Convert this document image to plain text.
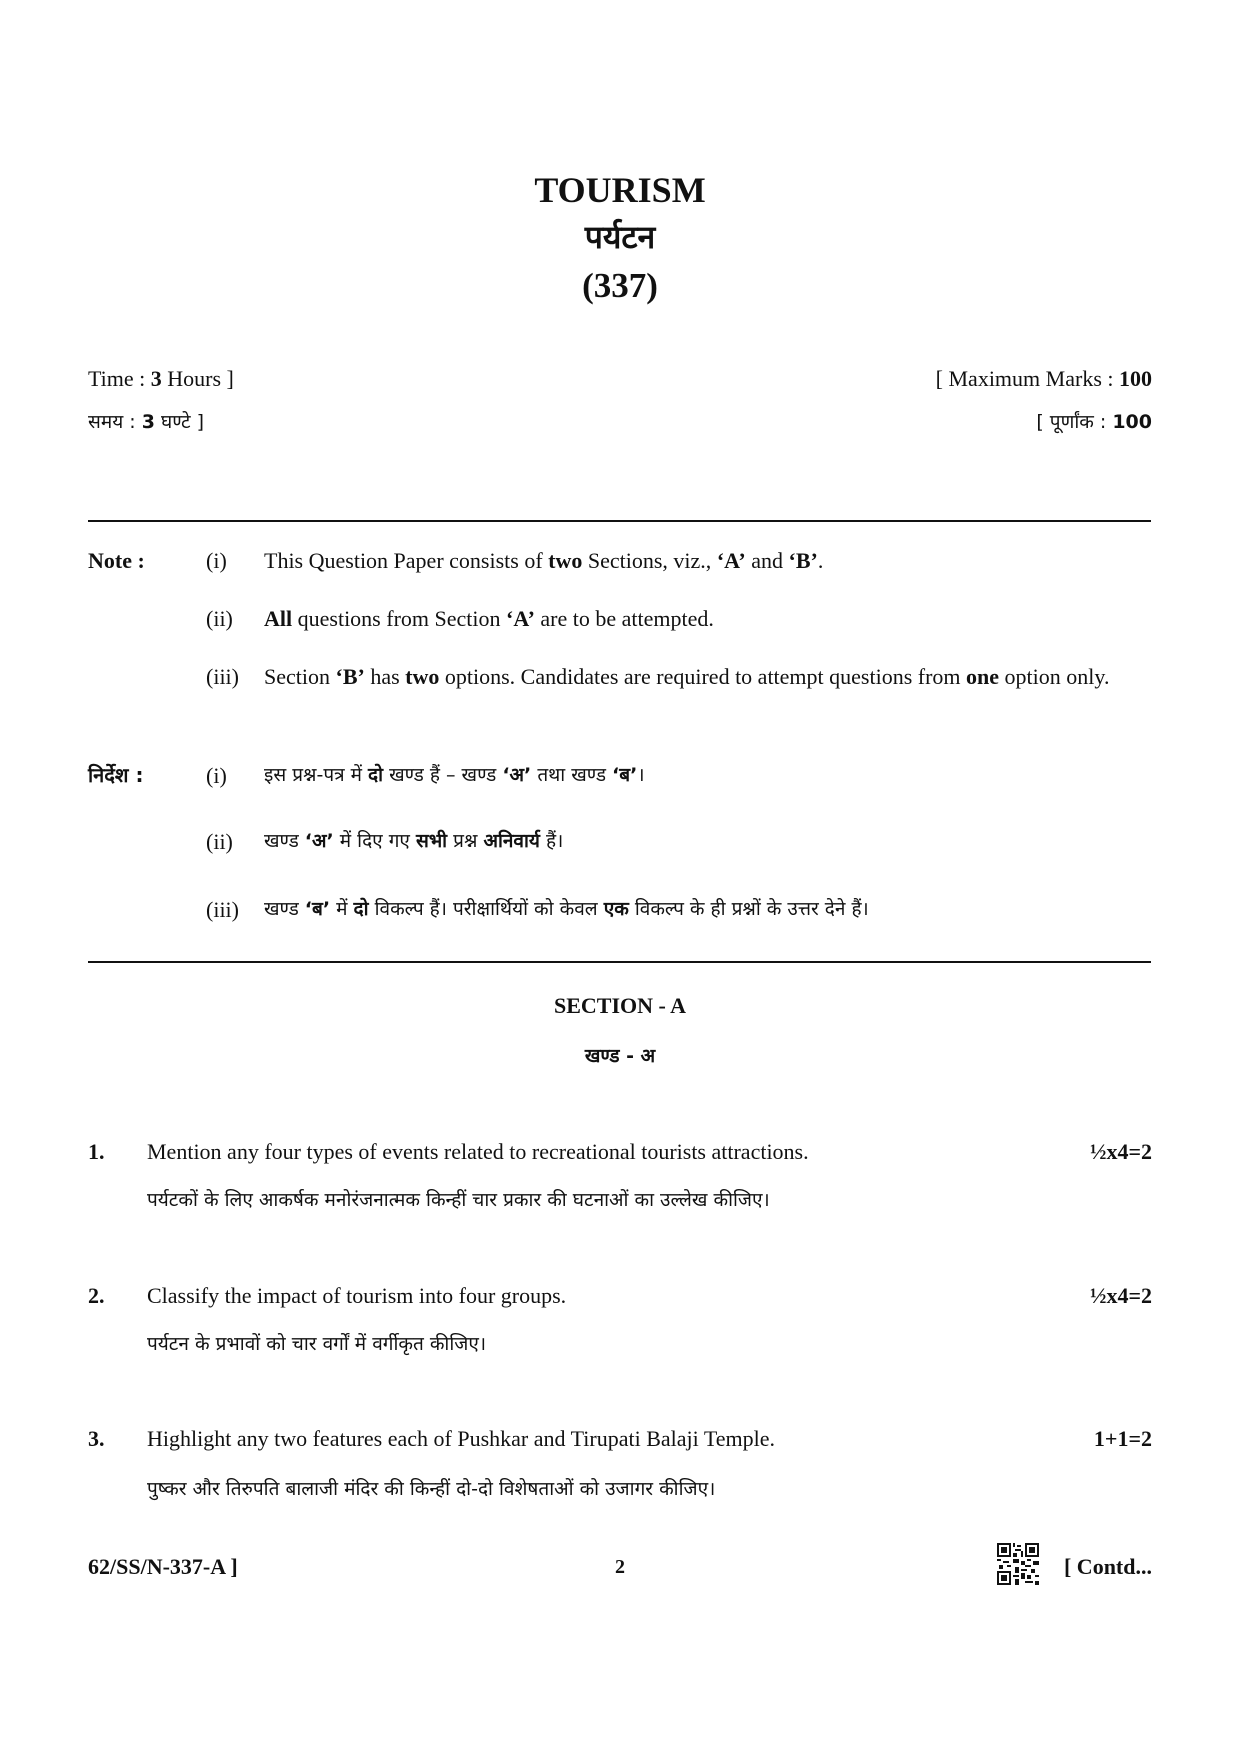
TOURISM
पर्यटन
(337)
Time : 3 Hours ]	[ Maximum Marks : 100
समय : 3 घण्टे ]	[ पूर्णांक : 100
Note :	(i) This Question Paper consists of two Sections, viz., ‘A’ and ‘B’.
(ii) All questions from Section ‘A’ are to be attempted.
(iii) Section ‘B’ has two options. Candidates are required to attempt questions from one option only.
निर्देश :	(i) इस प्रश्न-पत्र में दो खण्ड हैं – खण्ड ‘अ’ तथा खण्ड ‘ब’।
(ii) खण्ड ‘अ’ में दिए गए सभी प्रश्न अनिवार्य हैं।
(iii) खण्ड ‘ब’ में दो विकल्प हैं। परीक्षार्थियों को केवल एक विकल्प के ही प्रश्नों के उत्तर देने हैं।
SECTION - A
खण्ड - अ
1. Mention any four types of events related to recreational tourists attractions.	½x4=2
पर्यटकों के लिए आकर्षक मनोरंजनात्मक किन्हीं चार प्रकार की घटनाओं का उल्लेख कीजिए।
2. Classify the impact of tourism into four groups.	½x4=2
पर्यटन के प्रभावों को चार वर्गों में वर्गीकृत कीजिए।
3. Highlight any two features each of Pushkar and Tirupati Balaji Temple.	1+1=2
पुष्कर और तिरुपति बालाजी मंदिर की किन्हीं दो-दो विशेषताओं को उजागर कीजिए।
62/SS/N-337-A ]	2	[ Contd...
